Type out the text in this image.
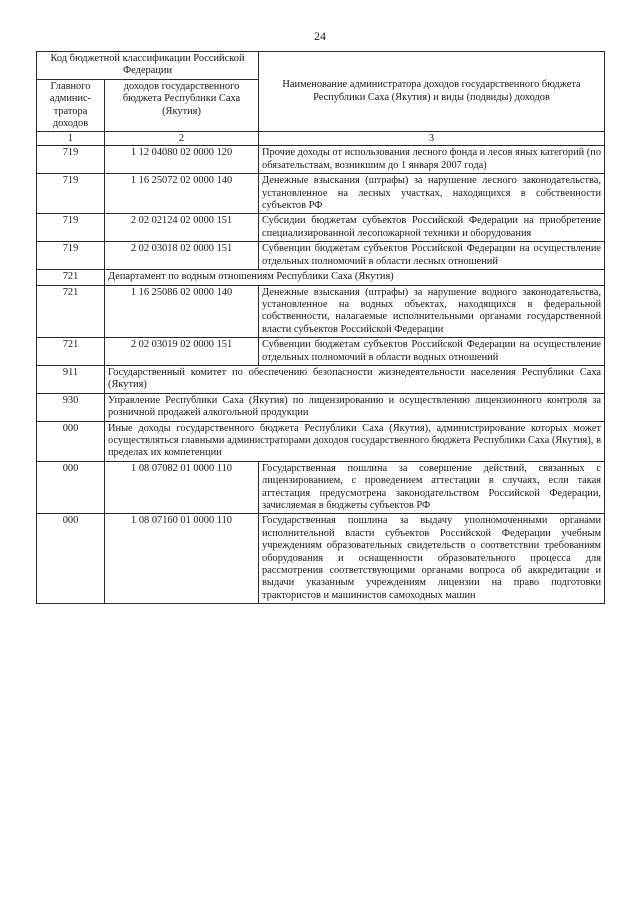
24
Код бюджетной классификации Российской Федерации		Наименование администратора доходов государственного бюджета Республики Саха (Якутия) и виды (подвиды) доходов
Главного админис-тратора доходов	доходов государственного бюджета Республики Саха (Якутия)	
1	2	3
719	1 12 04080 02 0000 120	Прочие доходы от использования лесного фонда и лесов яных категорий (по обязательствам, возникшим до 1 января 2007 года)
719	1 16 25072 02 0000 140	Денежные взыскания (штрафы) за нарушение лесного законодательства, установленное на лесных участках, находящихся в собственности субъектов РФ
719	2 02 02124 02 0000 151	Субсидии бюджетам субъектов Российской Федерации на приобретение специализированной лесопожарной техники и оборудования
719	2 02 03018 02 0000 151	Субвенции бюджетам субъектов Российской Федерации на осуществление отдельных полномочий в области лесных отношений
721	Департамент по водным отношениям Республики Саха (Якутия)	
721	1 16 25086 02 0000 140	Денежные взыскания (штрафы) за нарушение водного законодательства, установленное на водных объектах, находящихся в федеральной собственности, налагаемые исполнительными органами государственной власти субъектов Российской Федерации
721	2 02 03019 02 0000 151	Субвенции бюджетам субъектов Российской Федерации на осуществление отдельных полномочий в области водных отношений
911	Государственный комитет по обеспечению безопасности жизнедеятельности населения Республики Саха (Якутия)	
930	Управление Республики Саха (Якутия) по лицензированию и осуществлению лицензионного контроля за розничной продажей алкогольной продукции	
000	Иные доходы государственного бюджета Республики Саха (Якутия), администрирование которых может осуществляться главными администраторами доходов государственного бюджета Республики Саха (Якутия), в пределах их компетенции	
000	1 08 07082 01 0000 110	Государственная пошлина за совершение действий, связанных с лицензированием, с проведением аттестации в случаях, если такая аттестация предусмотрена законодательством Российской Федерации, зачисляемая в бюджеты субъектов РФ
000	1 08 07160 01 0000 110	Государственная пошлина за выдачу уполномоченными органами исполнительной власти субъектов Российской Федерации учебным учреждениям образовательных свидетельств о соответствии требованиям оборудования и оснащенности образовательного процесса для рассмотрения соответствующими органами вопроса об аккредитации и выдачи указанным учреждениям лицензии на право подготовки трактористов и машинистов самоходных машин
